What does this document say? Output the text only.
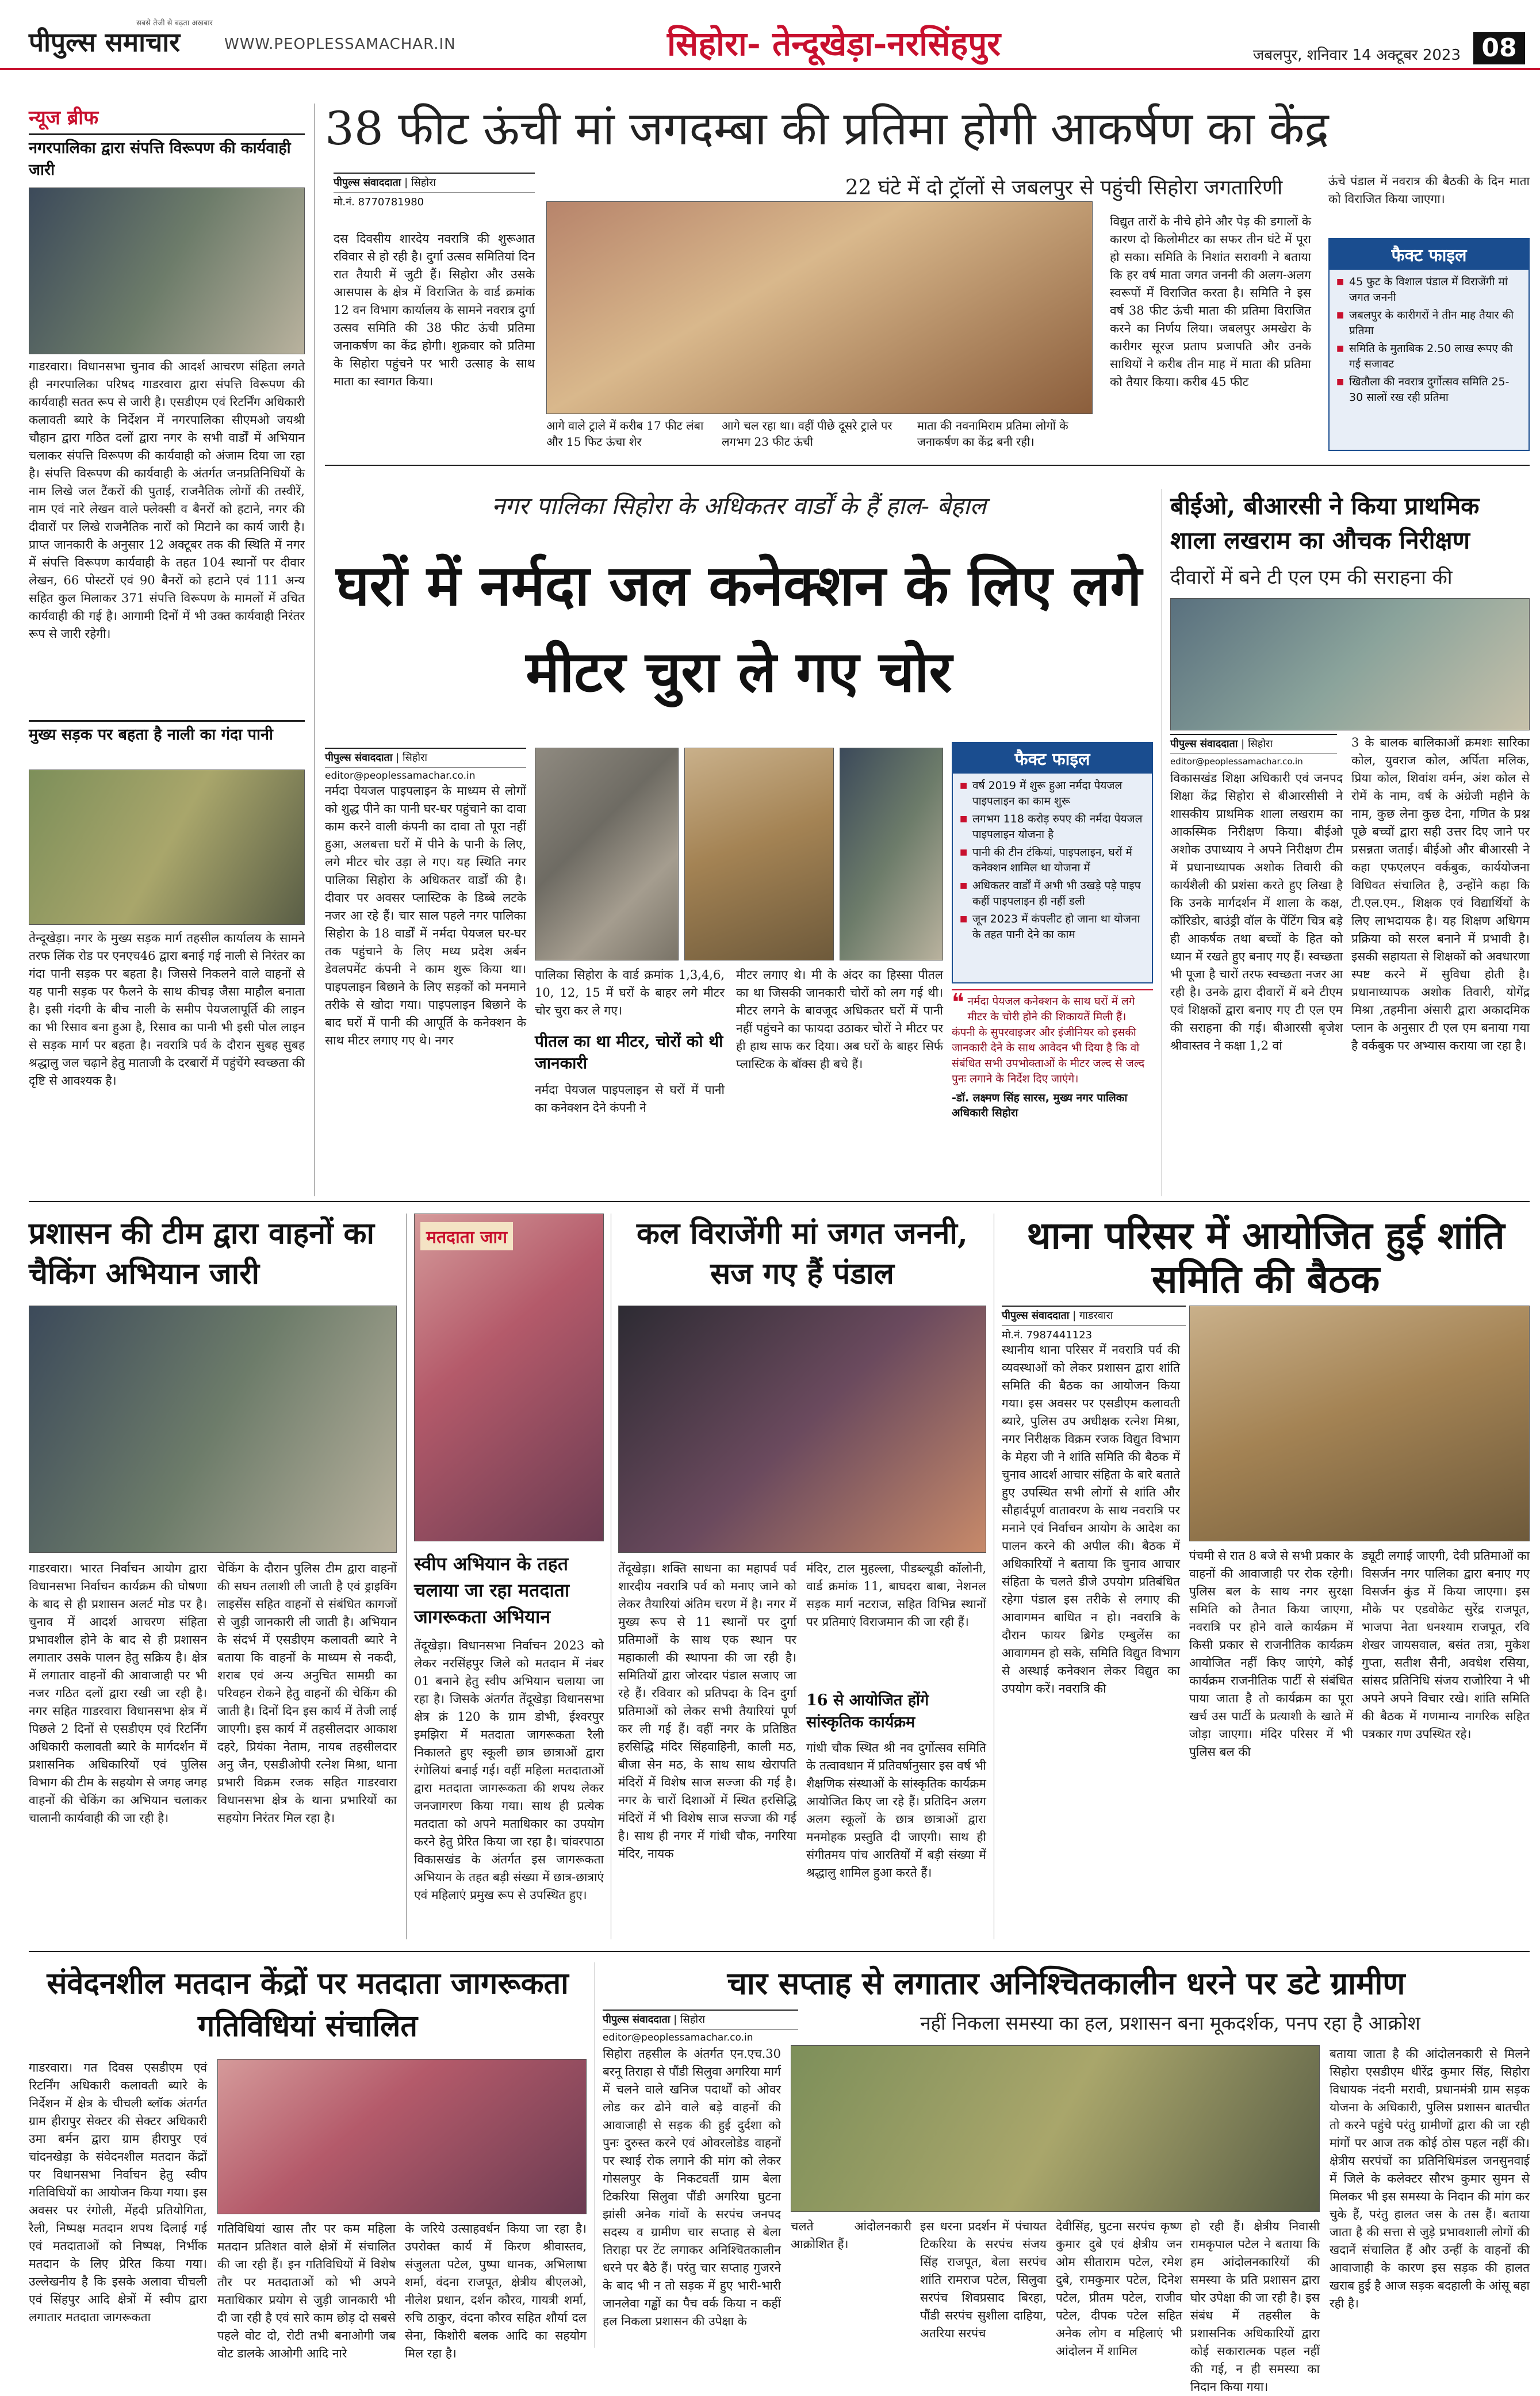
सबसे तेजी से बढ़ता अखबार
पीपुल्स समाचार	WWW.PEOPLESSAMACHAR.IN	सिहोरा- तेन्दूखेड़ा-नरसिंहपुर	जबलपुर, शनिवार 14 अक्टूबर 2023 08
न्यूज ब्रीफ
नगरपालिका द्वारा संपत्ति विरूपण की कार्यवाही जारी
गाडरवारा। विधानसभा चुनाव की आदर्श आचरण संहिता लगते ही नगरपालिका परिषद गाडरवारा द्वारा संपत्ति विरूपण की कार्यवाही सतत रूप से जारी है। एसडीएम एवं रिटर्निंग अधिकारी कलावती ब्यारे के निर्देशन में नगरपालिका सीएमओ जयश्री चौहान द्वारा गठित दलों द्वारा नगर के सभी वार्डों में अभियान चलाकर संपत्ति विरूपण की कार्यवाही को अंजाम दिया जा रहा है। संपत्ति विरूपण की कार्यवाही के अंतर्गत जनप्रतिनिधियों के नाम लिखे जल टैंकरों की पुताई, राजनैतिक लोगों की तस्वीरें, नाम एवं नारे लेखन वाले फ्लेक्सी व बैनरों को हटाने, नगर की दीवारों पर लिखे राजनैतिक नारों को मिटाने का कार्य जारी है। प्राप्त जानकारी के अनुसार 12 अक्टूबर तक की स्थिति में नगर में संपत्ति विरूपण कार्यवाही के तहत 104 स्थानों पर दीवार लेखन, 66 पोस्टरों एवं 90 बैनरों को हटाने एवं 111 अन्य सहित कुल मिलाकर 371 संपत्ति विरूपण के मामलों में उचित कार्यवाही की गई है। आगामी दिनों में भी उक्त कार्यवाही निरंतर रूप से जारी रहेगी।
मुख्य सड़क पर बहता है नाली का गंदा पानी
तेन्दूखेड़ा। नगर के मुख्य सड़क मार्ग तहसील कार्यालय के सामने तरफ लिंक रोड पर एनएच46 द्वारा बनाई गई नाली से निरंतर का गंदा पानी सड़क पर बहता है। जिससे निकलने वाले वाहनों से यह पानी सड़क पर फैलने के साथ कीचड़ जैसा माहौल बनाता है। इसी गंदगी के बीच नाली के समीप पेयजलापूर्ति की लाइन का भी रिसाव बना हुआ है, रिसाव का पानी भी इसी पोल लाइन से सड़क मार्ग पर बहता है। नवरात्रि पर्व के दौरान सुबह सुबह श्रद्धालु जल चढ़ाने हेतु माताजी के दरबारों में पहुंचेंगे स्वच्छता की दृष्टि से आवश्यक है।
38 फीट ऊंची मां जगदम्बा की प्रतिमा होगी आकर्षण का केंद्र
पीपुल्स संवाददाता | सिहोरा
मो.नं. 8770781980
22 घंटे में दो ट्रॉलों से जबलपुर से पहुंची सिहोरा जगतारिणी
दस दिवसीय शारदेय नवरात्रि की शुरूआत रविवार से हो रही है। दुर्गा उत्सव समितियां दिन रात तैयारी में जुटी हैं। सिहोरा और उसके आसपास के क्षेत्र में विराजित के वार्ड क्रमांक 12 वन विभाग कार्यालय के सामने नवरात्र दुर्गा उत्सव समिति की 38 फीट ऊंची प्रतिमा जनाकर्षण का केंद्र होगी। शुक्रवार को प्रतिमा के सिहोरा पहुंचने पर भारी उत्साह के साथ माता का स्वागत किया।
आगे वाले ट्राले में करीब 17 फीट लंबा और 15 फिट ऊंचा शेर
आगे चल रहा था। वहीं पीछे दूसरे ट्राले पर लगभग 23 फीट ऊंची
माता की नवनामिराम प्रतिमा लोगों के जनाकर्षण का केंद्र बनी रही।
विद्युत तारों के नीचे होने और पेड़ की डगालों के कारण दो किलोमीटर का सफर तीन घंटे में पूरा हो सका। समिति के निशांत सरावगी ने बताया कि हर वर्ष माता जगत जननी की अलग-अलग स्वरूपों में विराजित करता है। समिति ने इस वर्ष 38 फीट ऊंची माता की प्रतिमा विराजित करने का निर्णय लिया। जबलपुर अमखेरा के कारीगर सूरज प्रताप प्रजापति और उनके साथियों ने करीब तीन माह में माता की प्रतिमा को तैयार किया। करीब 45 फीट
ऊंचे पंडाल में नवरात्र की बैठकी के दिन माता को विराजित किया जाएगा।
फैक्ट फाइल
■ 45 फुट के विशाल पंडाल में विराजेंगी मां जगत जननी
■ जबलपुर के कारीगरों ने तीन माह तैयार की प्रतिमा
■ समिति के मुताबिक 2.50 लाख रूपए की गई सजावट
■ खितौला की नवरात्र दुर्गोत्सव समिति 25-30 सालों रख रही प्रतिमा
नगर पालिका सिहोरा के अधिकतर वार्डों के हैं हाल- बेहाल
घरों में नर्मदा जल कनेक्शन के लिए लगे मीटर चुरा ले गए चोर
पीपुल्स संवाददाता | सिहोरा
editor@peoplessamachar.co.in
नर्मदा पेयजल पाइपलाइन के माध्यम से लोगों को शुद्ध पीने का पानी घर-घर पहुंचाने का दावा काम करने वाली कंपनी का दावा तो पूरा नहीं हुआ, अलबत्ता घरों में पीने के पानी के लिए, लगे मीटर चोर उड़ा ले गए। यह स्थिति नगर पालिका सिहोरा के अधिकतर वार्डों की है। दीवार पर अवसर प्लास्टिक के डिब्बे लटके नजर आ रहे हैं। चार साल पहले नगर पालिका सिहोरा के 18 वार्डों में नर्मदा पेयजल घर-घर तक पहुंचाने के लिए मध्य प्रदेश अर्बन डेवलपमेंट कंपनी ने काम शुरू किया था। पाइपलाइन बिछाने के लिए सड़कों को मनमाने तरीके से खोदा गया। पाइपलाइन बिछाने के बाद घरों में पानी की आपूर्ति के कनेक्शन के साथ मीटर लगाए गए थे। नगर
पालिका सिहोरा के वार्ड क्रमांक 1,3,4,6, 10, 12, 15 में घरों के बाहर लगे मीटर चोर चुरा कर ले गए।
पीतल का था मीटर, चोरों को थी जानकारी
नर्मदा पेयजल पाइपलाइन से घरों में पानी का कनेक्शन देने कंपनी ने
मीटर लगाए थे। मी के अंदर का हिस्सा पीतल का था जिसकी जानकारी चोरों को लग गई थी। मीटर लगने के बावजूद अधिकतर घरों में पानी नहीं पहुंचने का फायदा उठाकर चोरों ने मीटर पर ही हाथ साफ कर दिया। अब घरों के बाहर सिर्फ प्लास्टिक के बॉक्स ही बचे हैं।
फैक्ट फाइल
■ वर्ष 2019 में शुरू हुआ नर्मदा पेयजल पाइपलाइन का काम शुरू
■ लगभग 118 करोड़ रुपए की नर्मदा पेयजल पाइपलाइन योजना है
■ पानी की टीन टंकियां, पाइपलाइन, घरों में कनेक्शन शामिल था योजना में
■ अधिकतर वार्डों में अभी भी उखड़े पड़े पाइप कहीं पाइपलाइन ही नहीं डली
■ जून 2023 में कंपलीट हो जाना था योजना के तहत पानी देने का काम
❝ नर्मदा पेयजल कनेक्शन के साथ घरों में लगे मीटर के चोरी होने की शिकायतें मिली हैं। कंपनी के सुपरवाइजर और इंजीनियर को इसकी जानकारी देने के साथ आवेदन भी दिया है कि वो संबंधित सभी उपभोक्ताओं के मीटर जल्द से जल्द पुनः लगाने के निर्देश दिए जाएंगे।
-डॉ. लक्ष्मण सिंह सारस, मुख्य नगर पालिका अधिकारी सिहोरा
बीईओ, बीआरसी ने किया प्राथमिक शाला लखराम का औचक निरीक्षण
दीवारों में बने टी एल एम की सराहना की
पीपुल्स संवाददाता | सिहोरा
editor@peoplessamachar.co.in
विकासखंड शिक्षा अधिकारी एवं जनपद शिक्षा केंद्र सिहोरा से बीआरसीसी ने शासकीय प्राथमिक शाला लखराम का आकस्मिक निरीक्षण किया। बीईओ अशोक उपाध्याय ने अपने निरीक्षण टीम में प्रधानाध्यापक अशोक तिवारी की कार्यशैली की प्रशंसा करते हुए लिखा है कि उनके मार्गदर्शन में शाला के कक्ष, कॉरिडोर, बाउंड्री वॉल के पेंटिंग चित्र बड़े ही आकर्षक तथा बच्चों के हित को ध्यान में रखते हुए बनाए गए हैं। स्वच्छता भी पूजा है चारों तरफ स्वच्छता नजर आ रही है। उनके द्वारा दीवारों में बने टीएम एवं शिक्षकों द्वारा बनाए गए टी एल एम की सराहना की गई। बीआरसी बृजेश श्रीवास्तव ने कक्षा 1,2 वां
3 के बालक बालिकाओं क्रमशः सारिका कोल, युवराज कोल, अर्पिता मलिक, प्रिया कोल, शिवांश वर्मन, अंश कोल से रोमें के नाम, वर्ष के अंग्रेजी महीने के नाम, कुछ लेना कुछ देना, गणित के प्रश्न पूछे बच्चों द्वारा सही उत्तर दिए जाने पर प्रसन्नता जताई। बीईओ और बीआरसी ने कहा एफएलएन वर्कबुक, कार्ययोजना विधिवत संचालित है, उन्होंने कहा कि टी.एल.एम., शिक्षक एवं विद्यार्थियों के लिए लाभदायक है। यह शिक्षण अधिगम प्रक्रिया को सरल बनाने में प्रभावी है। इसकी सहायता से शिक्षकों को अवधारणा स्पष्ट करने में सुविधा होती है। प्रधानाध्यापक अशोक तिवारी, योगेंद्र मिश्रा ,तहमीना अंसारी द्वारा अकादमिक प्लान के अनुसार टी एल एम बनाया गया है वर्कबुक पर अभ्यास कराया जा रहा है।
प्रशासन की टीम द्वारा वाहनों का चैकिंग अभियान जारी
गाडरवारा। भारत निर्वाचन आयोग द्वारा विधानसभा निर्वाचन कार्यक्रम की घोषणा के बाद से ही प्रशासन अलर्ट मोड पर है। चुनाव में आदर्श आचरण संहिता प्रभावशील होने के बाद से ही प्रशासन लगातार उसके पालन हेतु सक्रिय है। क्षेत्र में लगातार वाहनों की आवाजाही पर भी नजर गठित दलों द्वारा रखी जा रही है। नगर सहित गाडरवारा विधानसभा क्षेत्र में पिछले 2 दिनों से एसडीएम एवं रिटर्निंग अधिकारी कलावती ब्यारे के मार्गदर्शन में प्रशासनिक अधिकारियों एवं पुलिस विभाग की टीम के सहयोग से जगह जगह वाहनों की चेकिंग का अभियान चलाकर चालानी कार्यवाही की जा रही है।
चेकिंग के दौरान पुलिस टीम द्वारा वाहनों की सघन तलाशी ली जाती है एवं ड्राइविंग लाइसेंस सहित वाहनों से संबंधित कागजों से जुड़ी जानकारी ली जाती है। अभियान के संदर्भ में एसडीएम कलावती ब्यारे ने बताया कि वाहनों के माध्यम से नकदी, शराब एवं अन्य अनुचित सामग्री का परिवहन रोकने हेतु वाहनों की चेकिंग की जाती है। दिनों दिन इस कार्य में तेजी लाई जाएगी। इस कार्य में तहसीलदार आकाश दहरे, प्रियंका नेताम, नायब तहसीलदार अनु जैन, एसडीओपी रत्नेश मिश्रा, थाना प्रभारी विक्रम रजक सहित गाडरवारा विधानसभा क्षेत्र के थाना प्रभारियों का सहयोग निरंतर मिल रहा है।
मतदाता जाग
स्वीप अभियान के तहत चलाया जा रहा मतदाता जागरूकता अभियान
तेंदूखेड़ा। विधानसभा निर्वाचन 2023 को लेकर नरसिंहपुर जिले को मतदान में नंबर 01 बनाने हेतु स्वीप अभियान चलाया जा रहा है। जिसके अंतर्गत तेंदूखेड़ा विधानसभा क्षेत्र क्रं 120 के ग्राम डोभी, ईश्वरपुर इमझिरा में मतदाता जागरूकता रैली निकालते हुए स्कूली छात्र छात्राओं द्वारा रंगोलियां बनाई गई। वहीं महिला मतदाताओं द्वारा मतदाता जागरूकता की शपथ लेकर जनजागरण किया गया। साथ ही प्रत्येक मतदाता को अपने मताधिकार का उपयोग करने हेतु प्रेरित किया जा रहा है। चांवरपाठा विकासखंड के अंतर्गत इस जागरूकता अभियान के तहत बड़ी संख्या में छात्र-छात्राएं एवं महिलाएं प्रमुख रूप से उपस्थित हुए।
कल विराजेंगी मां जगत जननी, सज गए हैं पंडाल
तेंदूखेड़ा। शक्ति साधना का महापर्व पर्व शारदीय नवरात्रि पर्व को मनाए जाने को लेकर तैयारियां अंतिम चरण में है। नगर में मुख्य रूप से 11 स्थानों पर दुर्गा प्रतिमाओं के साथ एक स्थान पर महाकाली की स्थापना की जा रही है। समितियों द्वारा जोरदार पंडाल सजाए जा रहे हैं। रविवार को प्रतिपदा के दिन दुर्गा प्रतिमाओं को लेकर सभी तैयारियां पूर्ण कर ली गई हैं। वहीं नगर के प्रतिष्ठित हरसिद्धि मंदिर सिंहवाहिनी, काली मठ, बीजा सेन मठ, के साथ साथ खेरापति मंदिरों में विशेष साज सज्जा की गई है। नगर के चारों दिशाओं में स्थित हरसिद्धि मंदिरों में भी विशेष साज सज्जा की गई है। साथ ही नगर में गांधी चौक, नगरिया मंदिर, नायक
मंदिर, टाल मुहल्ला, पीडब्ल्यूडी कॉलोनी, वार्ड क्रमांक 11, बाघदरा बाबा, नेशनल सड़क मार्ग नटराज, सहित विभिन्न स्थानों पर प्रतिमाएं विराजमान की जा रही हैं।
16 से आयोजित होंगे सांस्कृतिक कार्यक्रम
गांधी चौक स्थित श्री नव दुर्गोत्सव समिति के तत्वावधान में प्रतिवर्षानुसार इस वर्ष भी शैक्षणिक संस्थाओं के सांस्कृतिक कार्यक्रम आयोजित किए जा रहे हैं। प्रतिदिन अलग अलग स्कूलों के छात्र छात्राओं द्वारा मनमोहक प्रस्तुति दी जाएगी। साथ ही संगीतमय पांच आरतियों में बड़ी संख्या में श्रद्धालु शामिल हुआ करते हैं।
थाना परिसर में आयोजित हुई शांति समिति की बैठक
पीपुल्स संवाददाता | गाडरवारा
मो.नं. 7987441123
स्थानीय थाना परिसर में नवरात्रि पर्व की व्यवस्थाओं को लेकर प्रशासन द्वारा शांति समिति की बैठक का आयोजन किया गया। इस अवसर पर एसडीएम कलावती ब्यारे, पुलिस उप अधीक्षक रत्नेश मिश्रा, नगर निरीक्षक विक्रम रजक विद्युत विभाग के मेहरा जी ने शांति समिति की बैठक में चुनाव आदर्श आचार संहिता के बारे बताते हुए उपस्थित सभी लोगों से शांति और सौहार्दपूर्ण वातावरण के साथ नवरात्रि पर मनाने एवं निर्वाचन आयोग के आदेश का पालन करने की अपील की। बैठक में अधिकारियों ने बताया कि चुनाव आचार संहिता के चलते डीजे उपयोग प्रतिबंधित रहेगा पंडाल इस तरीके से लगाए की आवागमन बाधित न हो। नवरात्रि के दौरान फायर ब्रिगेड एम्बुलेंस का आवागमन हो सके, समिति विद्युत विभाग से अस्थाई कनेक्शन लेकर विद्युत का उपयोग करें। नवरात्रि की
पंचमी से रात 8 बजे से सभी प्रकार के वाहनों की आवाजाही पर रोक रहेगी। पुलिस बल के साथ नगर सुरक्षा समिति को तैनात किया जाएगा, नवरात्रि पर होने वाले कार्यक्रम में किसी प्रकार से राजनीतिक कार्यक्रम आयोजित नहीं किए जाएंगे, कोई कार्यक्रम राजनीतिक पार्टी से संबंधित पाया जाता है तो कार्यक्रम का पूरा खर्च उस पार्टी के प्रत्याशी के खाते में जोड़ा जाएगा। मंदिर परिसर में भी पुलिस बल की
ड्यूटी लगाई जाएगी, देवी प्रतिमाओं का विसर्जन नगर पालिका द्वारा बनाए गए विसर्जन कुंड में किया जाएगा। इस मौके पर एडवोकेट सुरेंद्र राजपूत, भाजपा नेता धनश्याम राजपूत, रवि शेखर जायसवाल, बसंत तत्रा, मुकेश गुप्ता, सतीश सैनी, अवधेश रसिया, सांसद प्रतिनिधि संजय राजोरिया ने भी अपने अपने विचार रखे। शांति समिति की बैठक में गणमान्य नागरिक सहित पत्रकार गण उपस्थित रहे।
संवेदनशील मतदान केंद्रों पर मतदाता जागरूकता गतिविधियां संचालित
गाडरवारा। गत दिवस एसडीएम एवं रिटर्निंग अधिकारी कलावती ब्यारे के निर्देशन में क्षेत्र के चीचली ब्लॉक अंतर्गत ग्राम हीरापुर सेक्टर की सेक्टर अधिकारी उमा बर्मन द्वारा ग्राम हीरापुर एवं चांदनखेड़ा के संवेदनशील मतदान केंद्रों पर विधानसभा निर्वाचन हेतु स्वीप गतिविधियों का आयोजन किया गया। इस अवसर पर रंगोली, मेंहदी प्रतियोगिता, रैली, निष्पक्ष मतदान शपथ दिलाई गई एवं मतदाताओं को निष्पक्ष, निर्भीक मतदान के लिए प्रेरित किया गया। उल्लेखनीय है कि इसके अलावा चीचली एवं सिंहपुर आदि क्षेत्रों में स्वीप द्वारा लगातार मतदाता जागरूकता
गतिविधियां खास तौर पर कम महिला मतदान प्रतिशत वाले क्षेत्रों में संचालित की जा रही हैं। इन गतिविधियों में विशेष तौर पर मतदाताओं को भी अपने मताधिकार प्रयोग से जुड़ी जानकारी भी दी जा रही है एवं सारे काम छोड़ दो सबसे पहले वोट दो, रोटी तभी बनाओगी जब वोट डालके आओगी आदि नारे
के जरिये उत्साहवर्धन किया जा रहा है। उपरोक्त कार्य में किरण श्रीवास्तव, संजुलता पटेल, पुष्पा धानक, अभिलाषा शर्मा, वंदना राजपूत, क्षेत्रीय बीएलओ, नीलेश प्रधान, दर्शन कौरव, गायत्री शर्मा, रुचि ठाकुर, वंदना कौरव सहित शौर्या दल सेना, किशोरी बलक आदि का सहयोग मिल रहा है।
चार सप्ताह से लगातार अनिश्चितकालीन धरने पर डटे ग्रामीण
नहीं निकला समस्या का हल, प्रशासन बना मूकदर्शक, पनप रहा है आक्रोश
पीपुल्स संवाददाता | सिहोरा
editor@peoplessamachar.co.in
सिहोरा तहसील के अंतर्गत एन.एच.30 बरनू तिराहा से पौंडी सिलुवा अगरिया मार्ग में चलने वाले खनिज पदार्थों को ओवर लोड कर ढोने वाले बड़े वाहनों की आवाजाही से सड़क की हुई दुर्दशा को पुनः दुरुस्त करने एवं ओवरलोडेड वाहनों पर स्थाई रोक लगाने की मांग को लेकर गोसलपुर के निकटवर्ती ग्राम बेला टिकरिया सिलुवा पौंडी अगरिया घुटना झांसी अनेक गांवों के सरपंच जनपद सदस्य व ग्रामीण चार सप्ताह से बेला तिराहा पर टेंट लगाकर अनिश्चितकालीन धरने पर बैठे हैं। परंतु चार सप्ताह गुजरने के बाद भी न तो सड़क में हुए भारी-भारी जानलेवा गड्ढों का पैच वर्क किया न कहीं हल निकला प्रशासन की उपेक्षा के
चलते आंदोलनकारी आक्रोशित हैं।
इस धरना प्रदर्शन में पंचायत टिकरिया के सरपंच संजय सिंह राजपूत, बेला सरपंच शांति रामराज पटेल, सिलुवा सरपंच शिवप्रसाद बिरहा, पौंडी सरपंच सुशीला दाहिया, अतरिया सरपंच
देवीसिंह, घुटना सरपंच कृष्ण कुमार दुबे एवं क्षेत्रीय जन ओम सीताराम पटेल, रमेश दुबे, रामकुमार पटेल, दिनेश पटेल, प्रीतम पटेल, राजीव पटेल, दीपक पटेल सहित अनेक लोग व महिलाएं भी आंदोलन में शामिल
हो रही हैं। क्षेत्रीय निवासी रामकृपाल पटेल ने बताया कि हम आंदोलनकारियों की समस्या के प्रति प्रशासन द्वारा घोर उपेक्षा की जा रही है। इस संबंध में तहसील के प्रशासनिक अधिकारियों द्वारा कोई सकारात्मक पहल नहीं की गई, न ही समस्या का निदान किया गया।
बताया जाता है की आंदोलनकारी से मिलने सिहोरा एसडीएम धीरेंद्र कुमार सिंह, सिहोरा विधायक नंदनी मरावी, प्रधानमंत्री ग्राम सड़क योजना के अधिकारी, पुलिस प्रशासन बातचीत तो करने पहुंचे परंतु ग्रामीणों द्वारा की जा रही मांगों पर आज तक कोई ठोस पहल नहीं की। क्षेत्रीय सरपंचों का प्रतिनिधिमंडल जनसुनवाई में जिले के कलेक्टर सौरभ कुमार सुमन से मिलकर भी इस समस्या के निदान की मांग कर चुके हैं, परंतु हालत जस के तस हैं। बताया जाता है की सत्ता से जुड़े प्रभावशाली लोगों की खदानें संचालित हैं और उन्हीं के वाहनों की आवाजाही के कारण इस सड़क की हालत खराब हुई है आज सड़क बदहाली के आंसू बहा रही है।
